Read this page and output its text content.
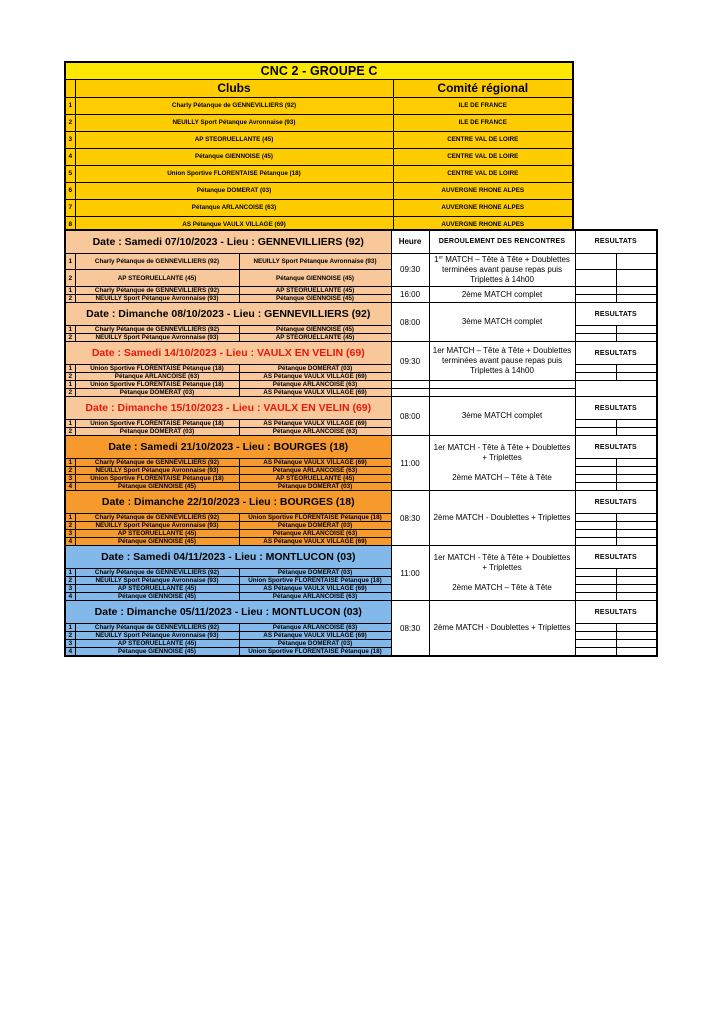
CNC 2 - GROUPE C		
	Clubs	Comité régional
1	Charly Pétanque de GENNEVILLIERS (92)	ILE DE FRANCE
2	NEUILLY Sport Pétanque Avronnaise (93)	ILE DE FRANCE
3	AP STEORUELLANTE (45)	CENTRE VAL DE LOIRE
4	Pétanque GIENNOISE (45)	CENTRE VAL DE LOIRE
5	Union Sportive FLORENTAISE Pétanque (18)	CENTRE VAL DE LOIRE
6	Pétanque DOMERAT (03)	AUVERGNE RHONE ALPES
7	Pétanque ARLANCOISE (63)	AUVERGNE RHONE ALPES
8	AS Pétanque VAULX VILLAGE (69)	AUVERGNE RHONE ALPES
Date : Samedi 07/10/2023 - Lieu : GENNEVILLIERS (92)			Heure	DEROULEMENT DES RENCONTRES	RESULTATS	
1	Charly Pétanque de GENNEVILLIERS (92)	NEUILLY Sport Pétanque Avronnaise (93)	09:30	1er MATCH – Tête à Tête + Doublettes terminées avant pause repas puis Triplettes à 14h00		
2	AP STEORUELLANTE (45)	Pétanque GIENNOISE (45)				
1	Charly Pétanque de GENNEVILLIERS (92)	AP STEORUELLANTE (45)	16:00	2ème MATCH complet		
2	NEUILLY Sport Pétanque Avronnaise (93)	Pétanque GIENNOISE (45)				
Date : Dimanche 08/10/2023 - Lieu : GENNEVILLIERS (92)			08:00	3ème MATCH complet	RESULTATS	
1	Charly Pétanque de GENNEVILLIERS (92)	Pétanque GIENNOISE (45)				
2	NEUILLY Sport Pétanque Avronnaise (93)	AP STEORUELLANTE (45)				
Date : Samedi 14/10/2023 - Lieu : VAULX EN VELIN (69)			09:30	1er MATCH – Tête à Tête + Doublettes terminées avant pause repas puis Triplettes à 14h00	RESULTATS	
1	Union Sportive FLORENTAISE Pétanque (18)	Pétanque DOMERAT (03)				
2	Pétanque ARLANCOISE (63)	AS Pétanque VAULX VILLAGE (69)				
1	Union Sportive FLORENTAISE Pétanque (18)	Pétanque ARLANCOISE (63)				
2	Pétanque DOMERAT (03)	AS Pétanque VAULX VILLAGE (69)				
Date : Dimanche 15/10/2023 - Lieu : VAULX EN VELIN (69)			08:00	3ème MATCH complet	RESULTATS	
1	Union Sportive FLORENTAISE Pétanque (18)	AS Pétanque VAULX VILLAGE (69)				
2	Pétanque DOMERAT (03)	Pétanque ARLANCOISE (63)				
Date : Samedi 21/10/2023 - Lieu : BOURGES (18)			11:00	1er MATCH - Tête à Tête + Doublettes + Triplettes

2ème MATCH – Tête à Tête	RESULTATS	
1	Charly Pétanque de GENNEVILLIERS (92)	AS Pétanque VAULX VILLAGE (69)				
2	NEUILLY Sport Pétanque Avronnaise (93)	Pétanque ARLANCOISE (63)				
3	Union Sportive FLORENTAISE Pétanque (18)	AP STEORUELLANTE (45)				
4	Pétanque GIENNOISE (45)	Pétanque DOMERAT (03)				
Date : Dimanche 22/10/2023 - Lieu : BOURGES (18)			08:30	2ème MATCH - Doublettes + Triplettes	RESULTATS	
1	Charly Pétanque de GENNEVILLIERS (92)	Union Sportive FLORENTAISE Pétanque (18)				
2	NEUILLY Sport Pétanque Avronnaise (93)	Pétanque DOMERAT (03)				
3	AP STEORUELLANTE (45)	Pétanque ARLANCOISE (63)				
4	Pétanque GIENNOISE (45)	AS Pétanque VAULX VILLAGE (69)				
Date : Samedi 04/11/2023 - Lieu : MONTLUCON (03)			11:00	1er MATCH - Tête à Tête + Doublettes + Triplettes

2ème MATCH – Tête à Tête	RESULTATS	
1	Charly Pétanque de GENNEVILLIERS (92)	Pétanque DOMERAT (03)				
2	NEUILLY Sport Pétanque Avronnaise (93)	Union Sportive FLORENTAISE Pétanque (18)				
3	AP STEORUELLANTE (45)	AS Pétanque VAULX VILLAGE (69)				
4	Pétanque GIENNOISE (45)	Pétanque ARLANCOISE (63)				
Date : Dimanche 05/11/2023 - Lieu : MONTLUCON (03)			08:30	2ème MATCH - Doublettes + Triplettes	RESULTATS	
1	Charly Pétanque de GENNEVILLIERS (92)	Pétanque ARLANCOISE (63)				
2	NEUILLY Sport Pétanque Avronnaise (93)	AS Pétanque VAULX VILLAGE (69)				
3	AP STEORUELLANTE (45)	Pétanque DOMERAT (03)				
4	Pétanque GIENNOISE (45)	Union Sportive FLORENTAISE Pétanque (18)				
